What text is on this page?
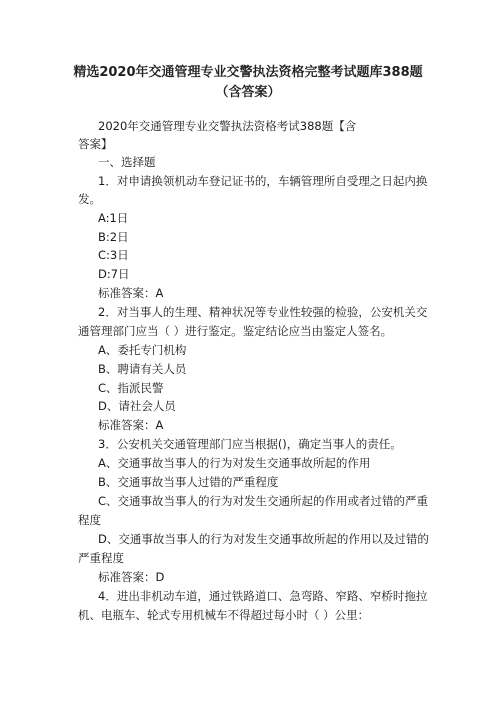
精选2020年交通管理专业交警执法资格完整考试题库388题
（含答案）
2020年交通管理专业交警执法资格考试388题【含
答案】
一、选择题
1．对申请换领机动车登记证书的，车辆管理所自受理之日起内换
发。
A:1日
B:2日
C:3日
D:7日
标准答案：A
2．对当事人的生理、精神状况等专业性较强的检验，公安机关交
通管理部门应当（ ）进行鉴定。鉴定结论应当由鉴定人签名。
A、委托专门机构
B、聘请有关人员
C、指派民警
D、请社会人员
标准答案：A
3．公安机关交通管理部门应当根据()，确定当事人的责任。
A、交通事故当事人的行为对发生交通事故所起的作用
B、交通事故当事人过错的严重程度
C、交通事故当事人的行为对发生交通所起的作用或者过错的严重
程度
D、交通事故当事人的行为对发生交通事故所起的作用以及过错的
严重程度
标准答案：D
4．进出非机动车道，通过铁路道口、急弯路、窄路、窄桥时拖拉
机、电瓶车、轮式专用机械车不得超过每小时（ ）公里：
